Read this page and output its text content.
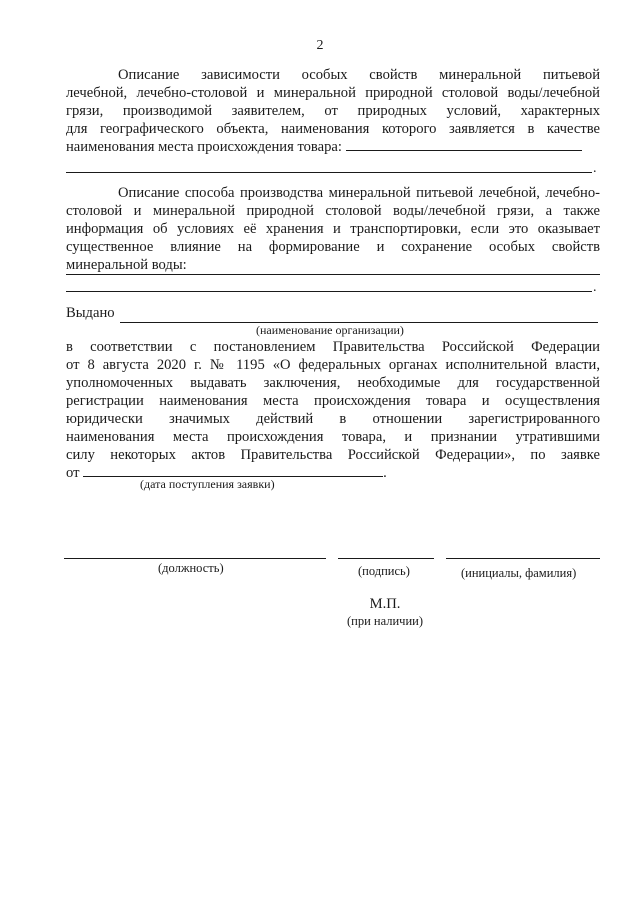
2
Описание зависимости особых свойств минеральной питьевой
лечебной, лечебно-столовой и минеральной природной столовой воды/лечебной
грязи, производимой заявителем, от природных условий, характерных
для географического объекта, наименования которого заявляется в качестве
наименования места происхождения товара:
.
Описание способа производства минеральной питьевой лечебной, лечебно-
столовой и минеральной природной столовой воды/лечебной грязи, а также
информация об условиях её хранения и транспортировки, если это оказывает
существенное влияние на формирование и сохранение особых свойств
минеральной воды:
.
Выдано
(наименование организации)
в соответствии с постановлением Правительства Российской Федерации
от 8 августа 2020 г. № 1195 «О федеральных органах исполнительной власти,
уполномоченных выдавать заключения, необходимые для государственной
регистрации наименования места происхождения товара и осуществления
юридически значимых действий в отношении зарегистрированного
наименования места происхождения товара, и признании утратившими
силу некоторых актов Правительства Российской Федерации», по заявке
от	.
(дата поступления заявки)
(должность)	(подпись)	(инициалы, фамилия)
М.П.
(при наличии)
